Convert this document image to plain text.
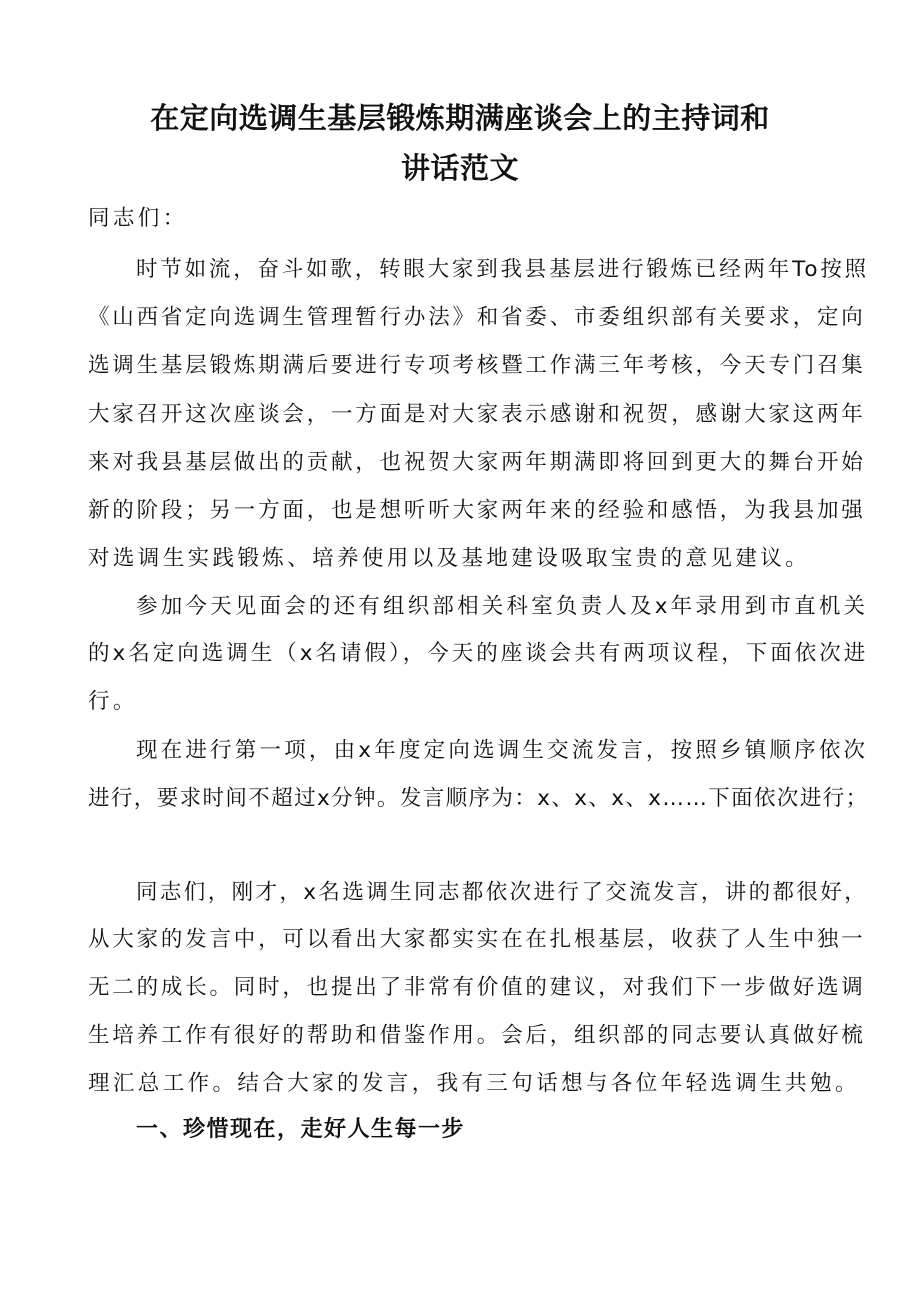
在定向选调生基层锻炼期满座谈会上的主持词和
讲话范文
同志们：
时节如流，奋斗如歌，转眼大家到我县基层进行锻炼已经两年To按照
《山西省定向选调生管理暂行办法》和省委、市委组织部有关要求，定向
选调生基层锻炼期满后要进行专项考核暨工作满三年考核，今天专门召集
大家召开这次座谈会，一方面是对大家表示感谢和祝贺，感谢大家这两年
来对我县基层做出的贡献，也祝贺大家两年期满即将回到更大的舞台开始
新的阶段；另一方面，也是想听听大家两年来的经验和感悟，为我县加强
对选调生实践锻炼、培养使用以及基地建设吸取宝贵的意见建议。
参加今天见面会的还有组织部相关科室负责人及x年录用到市直机关
的x名定向选调生（x名请假），今天的座谈会共有两项议程，下面依次进
行。
现在进行第一项，由x年度定向选调生交流发言，按照乡镇顺序依次
进行，要求时间不超过x分钟。发言顺序为：x、x、x、x……下面依次进行；
同志们，刚才，x名选调生同志都依次进行了交流发言，讲的都很好，
从大家的发言中，可以看出大家都实实在在扎根基层，收获了人生中独一
无二的成长。同时，也提出了非常有价值的建议，对我们下一步做好选调
生培养工作有很好的帮助和借鉴作用。会后，组织部的同志要认真做好梳
理汇总工作。结合大家的发言，我有三句话想与各位年轻选调生共勉。
一、珍惜现在，走好人生每一步
